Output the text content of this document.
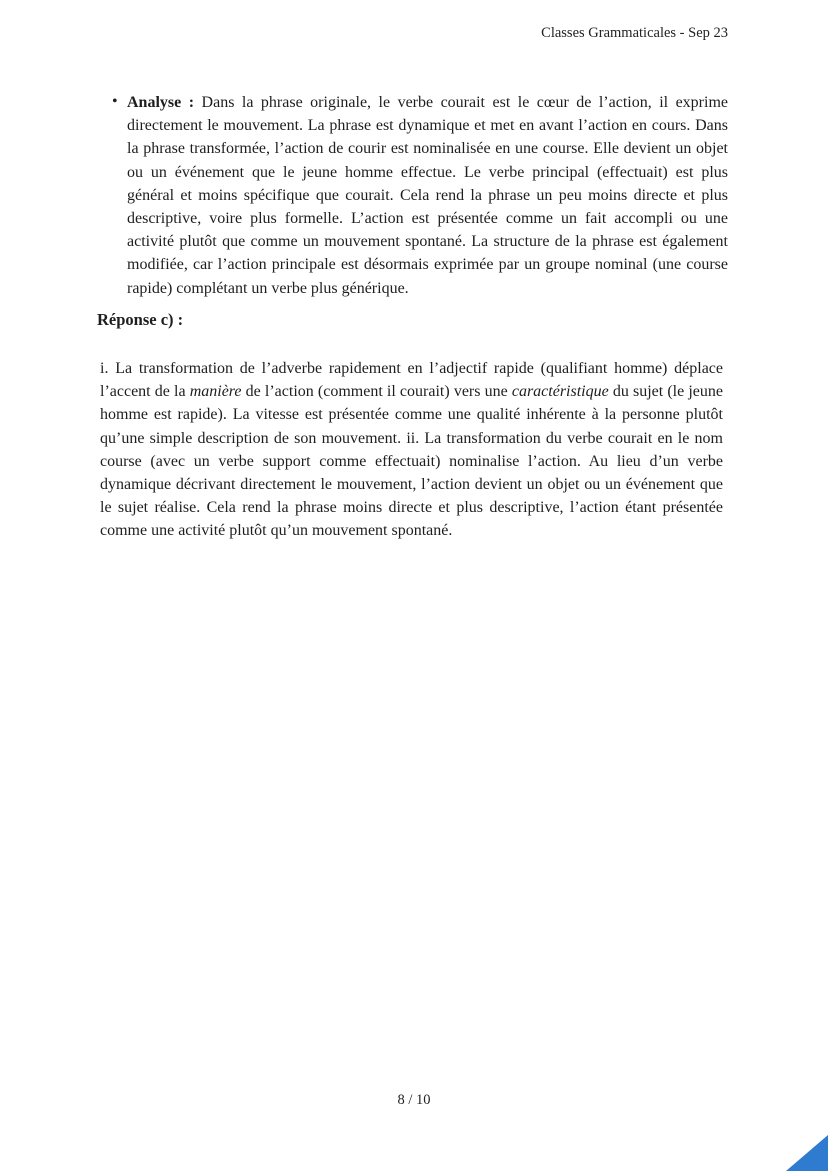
Classes Grammaticales - Sep 23
• Analyse : Dans la phrase originale, le verbe courait est le cœur de l’action, il exprime directement le mouvement. La phrase est dynamique et met en avant l’action en cours. Dans la phrase transformée, l’action de courir est nominalisée en une course. Elle devient un objet ou un événement que le jeune homme effectue. Le verbe principal (effectuait) est plus général et moins spécifique que courait. Cela rend la phrase un peu moins directe et plus descriptive, voire plus formelle. L’action est présentée comme un fait accompli ou une activité plutôt que comme un mouvement spontané. La structure de la phrase est également modifiée, car l’action principale est désormais exprimée par un groupe nominal (une course rapide) complétant un verbe plus générique.
Réponse c) :
i. La transformation de l’adverbe rapidement en l’adjectif rapide (qualifiant homme) déplace l’accent de la manière de l’action (comment il courait) vers une caractéristique du sujet (le jeune homme est rapide). La vitesse est présentée comme une qualité inhérente à la personne plutôt qu’une simple description de son mouvement. ii. La transformation du verbe courait en le nom course (avec un verbe support comme effectuait) nominalise l’action. Au lieu d’un verbe dynamique décrivant directement le mouvement, l’action devient un objet ou un événement que le sujet réalise. Cela rend la phrase moins directe et plus descriptive, l’action étant présentée comme une activité plutôt qu’un mouvement spontané.
8 / 10
